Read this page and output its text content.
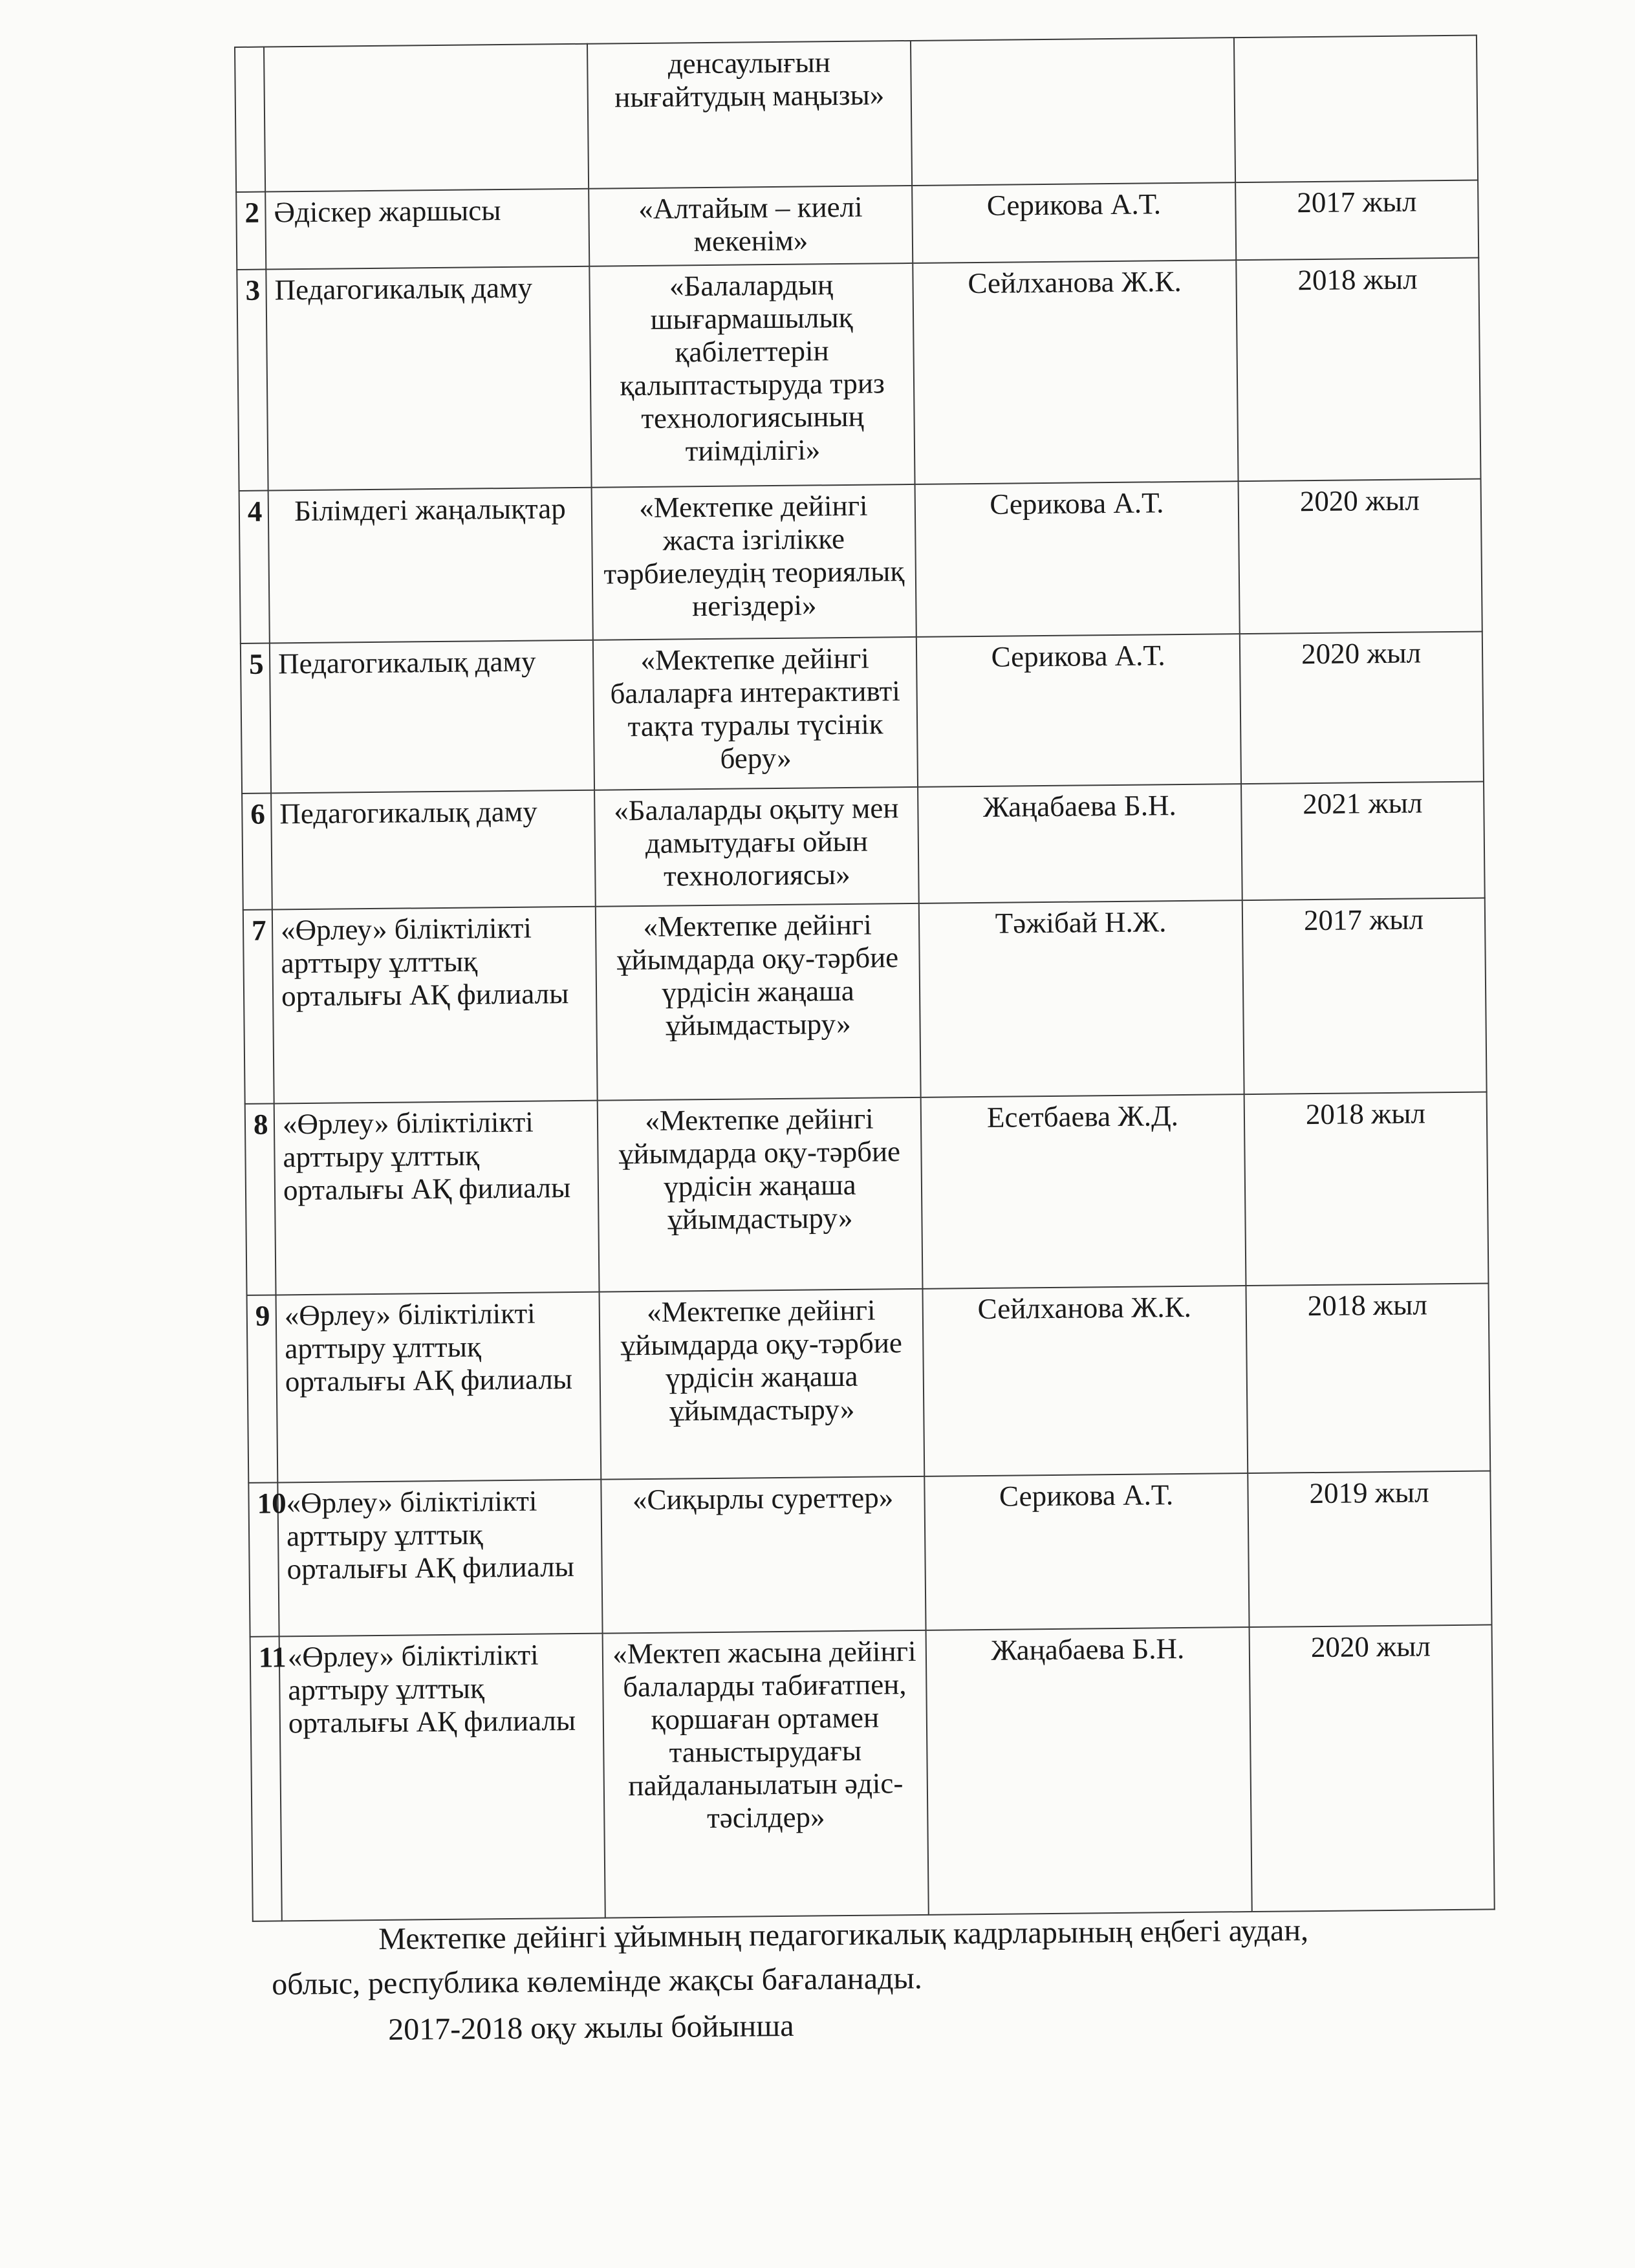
		денсаулығын нығайтудың маңызы»		
2	Әдіскер жаршысы	«Алтайым – киелі мекенім»	Серикова А.Т.	2017 жыл
3	Педагогикалық даму	«Балалардың шығармашылық қабілеттерін қалыптастыруда триз технологиясының тиімділігі»	Сейлханова Ж.К.	2018 жыл
4	Білімдегі жаңалықтар	«Мектепке дейінгі жаста ізгілікке тәрбиелеудің теориялық негіздері»	Серикова А.Т.	2020 жыл
5	Педагогикалық даму	«Мектепке дейінгі балаларға интерактивті тақта туралы түсінік беру»	Серикова А.Т.	2020 жыл
6	Педагогикалық даму	«Балаларды оқыту мен дамытудағы ойын технологиясы»	Жаңабаева Б.Н.	2021 жыл
7	«Өрлеу» біліктілікті арттыру ұлттық орталығы АҚ филиалы	«Мектепке дейінгі ұйымдарда оқу-тәрбие үрдісін жаңаша ұйымдастыру»	Тәжібай Н.Ж.	2017 жыл
8	«Өрлеу» біліктілікті арттыру ұлттық орталығы АҚ филиалы	«Мектепке дейінгі ұйымдарда оқу-тәрбие үрдісін жаңаша ұйымдастыру»	Есетбаева Ж.Д.	2018 жыл
9	«Өрлеу» біліктілікті арттыру ұлттық орталығы АҚ филиалы	«Мектепке дейінгі ұйымдарда оқу-тәрбие үрдісін жаңаша ұйымдастыру»	Сейлханова Ж.К.	2018 жыл
10	«Өрлеу» біліктілікті арттыру ұлттық орталығы АҚ филиалы	«Сиқырлы суреттер»	Серикова А.Т.	2019 жыл
11	«Өрлеу» біліктілікті арттыру ұлттық орталығы АҚ филиалы	«Мектеп жасына дейінгі балаларды табиғатпен, қоршаған ортамен таныстырудағы пайдаланылатын әдіс-тәсілдер»	Жаңабаева Б.Н.	2020 жыл
Мектепке дейінгі ұйымның педагогикалық кадрларының еңбегі аудан,
облыс, республика көлемінде жақсы бағаланады.
2017-2018 оқу жылы бойынша
